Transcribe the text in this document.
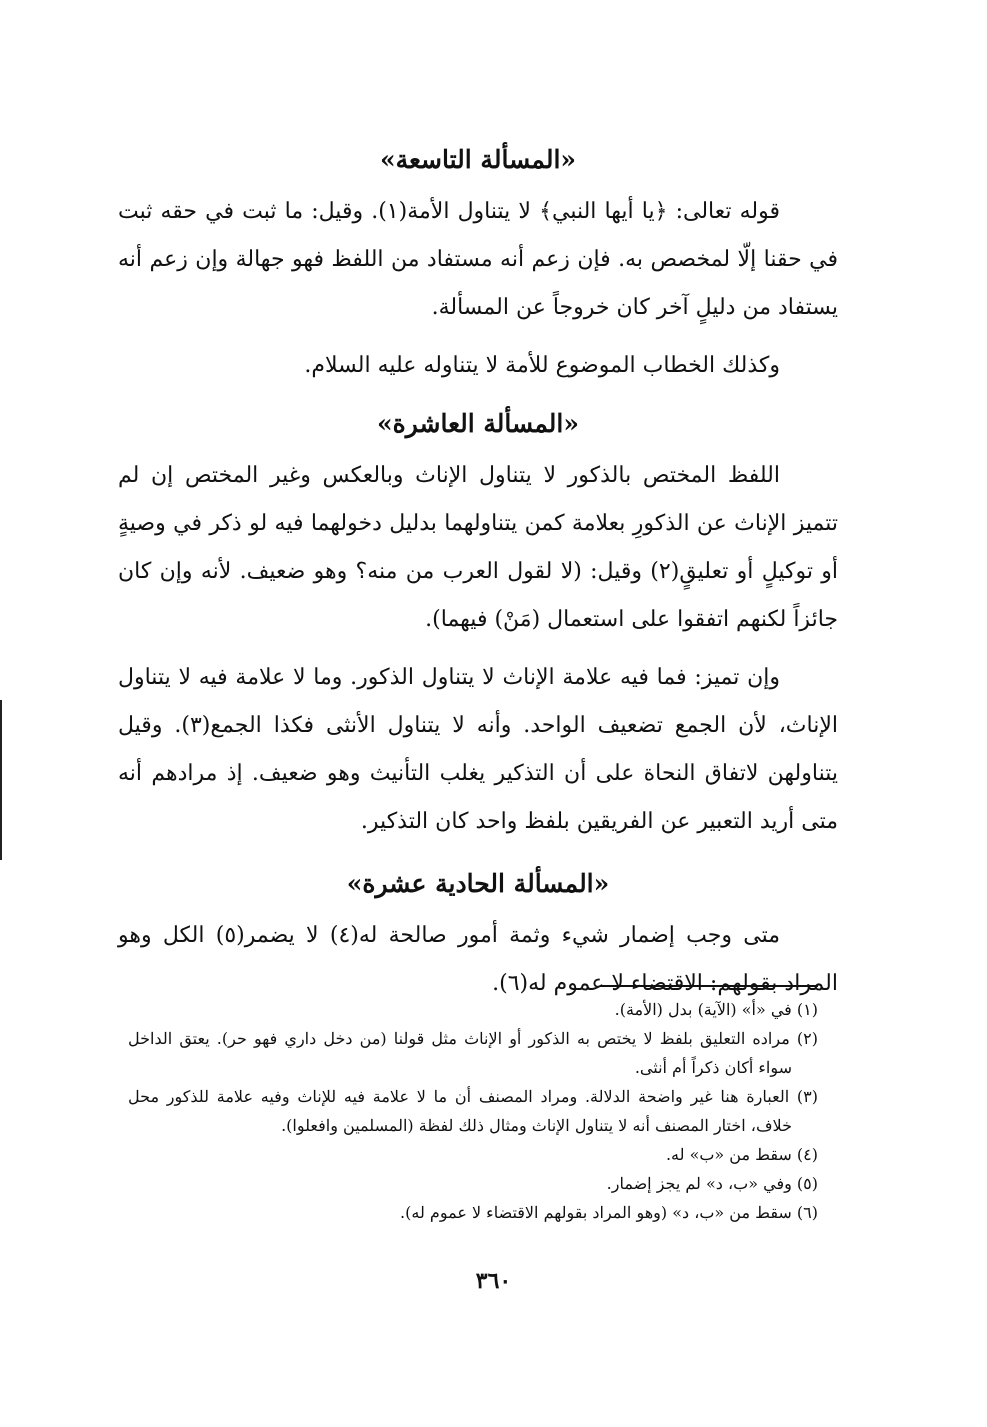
«المسألة التاسعة»

قوله تعالى: ﴿يا أيها النبي﴾ لا يتناول الأمة(١). وقيل: ما ثبت في حقه ثبت في حقنا إلّا لمخصص به. فإن زعم أنه مستفاد من اللفظ فهو جهالة وإن زعم أنه يستفاد من دليلٍ آخر كان خروجاً عن المسألة.

وكذلك الخطاب الموضوع للأمة لا يتناوله عليه السلام.

«المسألة العاشرة»

اللفظ المختص بالذكور لا يتناول الإناث وبالعكس وغير المختص إن لم تتميز الإناث عن الذكورِ بعلامة كمن يتناولهما بدليل دخولهما فيه لو ذكر في وصيةٍ أو توكيلٍ أو تعليقٍ(٢) وقيل: (لا لقول العرب من منه؟ وهو ضعيف. لأنه وإن كان جائزاً لكنهم اتفقوا على استعمال (مَنْ) فيهما).

وإن تميز: فما فيه علامة الإناث لا يتناول الذكور. وما لا علامة فيه لا يتناول الإناث، لأن الجمع تضعيف الواحد. وأنه لا يتناول الأنثى فكذا الجمع(٣). وقيل يتناولهن لاتفاق النحاة على أن التذكير يغلب التأنيث وهو ضعيف. إذ مرادهم أنه متى أريد التعبير عن الفريقين بلفظ واحد كان التذكير.

«المسألة الحادية عشرة»

متى وجب إضمار شيء وثمة أمور صالحة له(٤) لا يضمر(٥) الكل وهو المراد بقولهم: الاقتضاء لا عموم له(٦).

(١) في «أ» (الآية) بدل (الأمة).

(٢) مراده التعليق بلفظ لا يختص به الذكور أو الإناث مثل قولنا (من دخل داري فهو حر). يعتق الداخل سواء أكان ذكراً أم أنثى.

(٣) العبارة هنا غير واضحة الدلالة. ومراد المصنف أن ما لا علامة فيه للإناث وفيه علامة للذكور محل خلاف، اختار المصنف أنه لا يتناول الإناث ومثال ذلك لفظة (المسلمين وافعلوا).

(٤) سقط من «ب» له.

(٥) وفي «ب، د» لم يجز إضمار.

(٦) سقط من «ب، د» (وهو المراد بقولهم الاقتضاء لا عموم له).

٣٦٠
